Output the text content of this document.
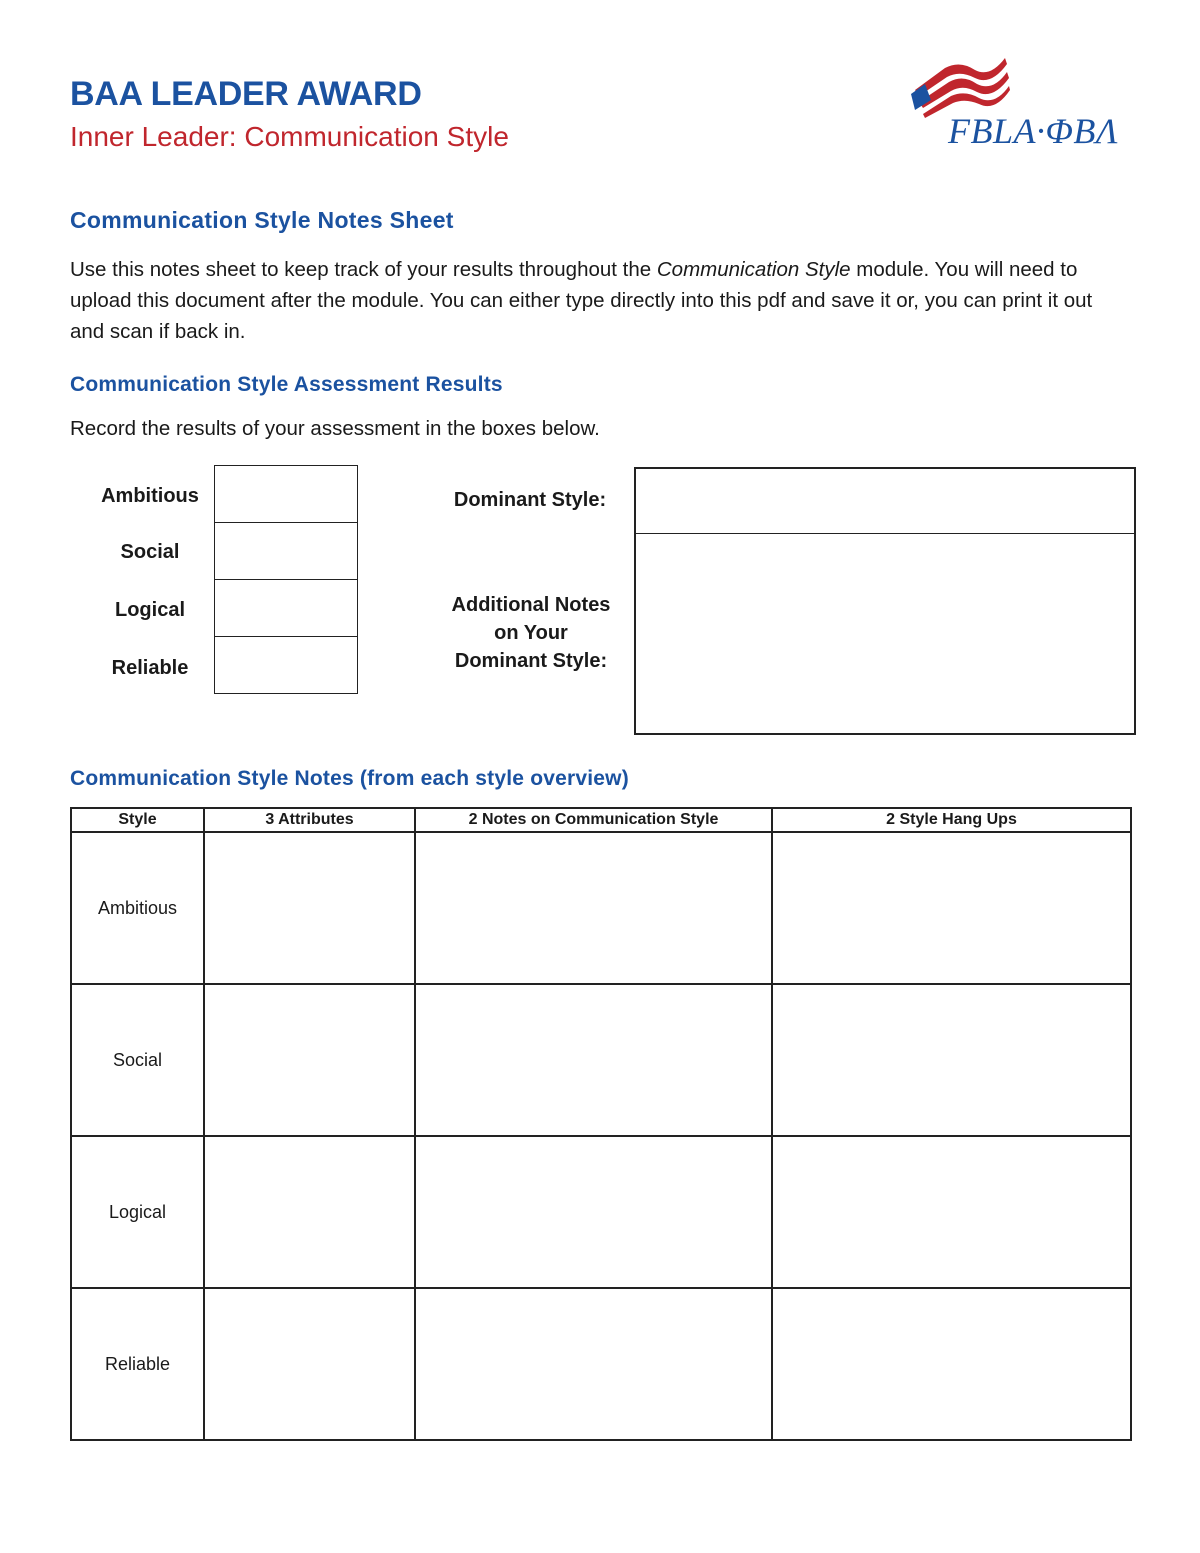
BAA LEADER AWARD
Inner Leader: Communication Style	FBLA·ΦΒΛ
Communication Style Notes Sheet

Use this notes sheet to keep track of your results throughout the Communication Style module. You will need to upload this document after the module. You can either type directly into this pdf and save it or, you can print it out and scan if back in.

Communication Style Assessment Results

Record the results of your assessment in the boxes below.

Ambitious
Social
Logical
Reliable
Dominant Style:
Additional Notes
on Your
Dominant Style:
Communication Style Notes (from each style overview)
Style	3 Attributes	2 Notes on Communication Style	2 Style Hang Ups
Ambitious			
Social			
Logical			
Reliable			
